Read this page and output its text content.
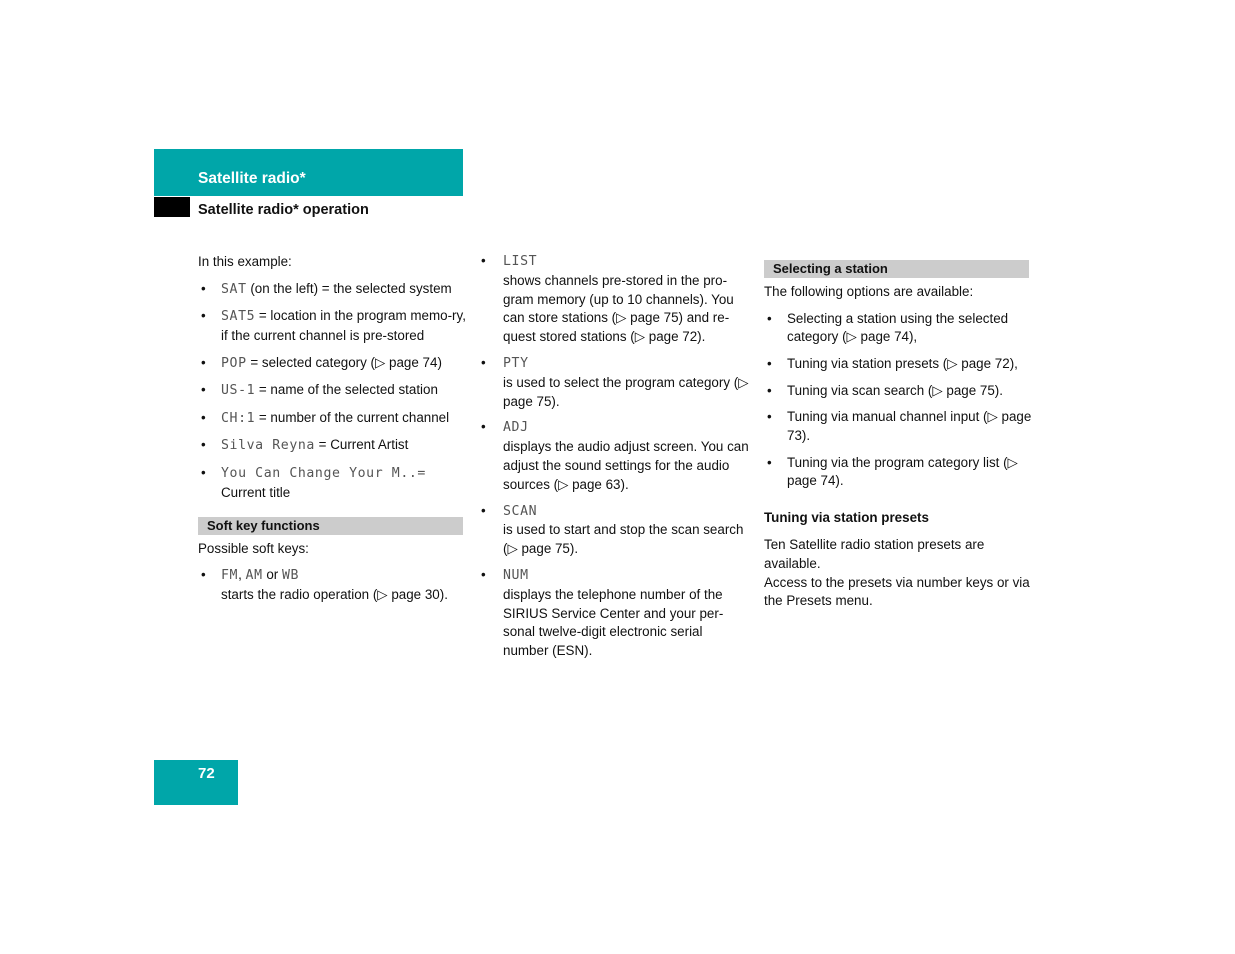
Satellite radio*
Satellite radio* operation

In this example:

• SAT (on the left) = the selected system
• SAT5 = location in the program memo-ry, if the current channel is pre-stored
• POP = selected category (▷ page 74)
• US-1 = name of the selected station
• CH:1 = number of the current channel
• Silva Reyna = Current Artist
• You Can Change Your M..=
Current title
Soft key functions

Possible soft keys:

• FM, AM or WB
starts the radio operation (▷ page 30).
• LIST
shows channels pre-stored in the pro-gram memory (up to 10 channels). You can store stations (▷ page 75) and re-quest stored stations (▷ page 72).
• PTY
is used to select the program category (▷ page 75).
• ADJ
displays the audio adjust screen. You can adjust the sound settings for the audio sources (▷ page 63).
• SCAN
is used to start and stop the scan search (▷ page 75).
• NUM
displays the telephone number of the SIRIUS Service Center and your per-sonal twelve-digit electronic serial number (ESN).
Selecting a station

The following options are available:

• Selecting a station using the selected category (▷ page 74),
• Tuning via station presets (▷ page 72),
• Tuning via scan search (▷ page 75).
• Tuning via manual channel input (▷ page 73).
• Tuning via the program category list (▷ page 74).
Tuning via station presets

Ten Satellite radio station presets are available.

Access to the presets via number keys or via the Presets menu.

72
